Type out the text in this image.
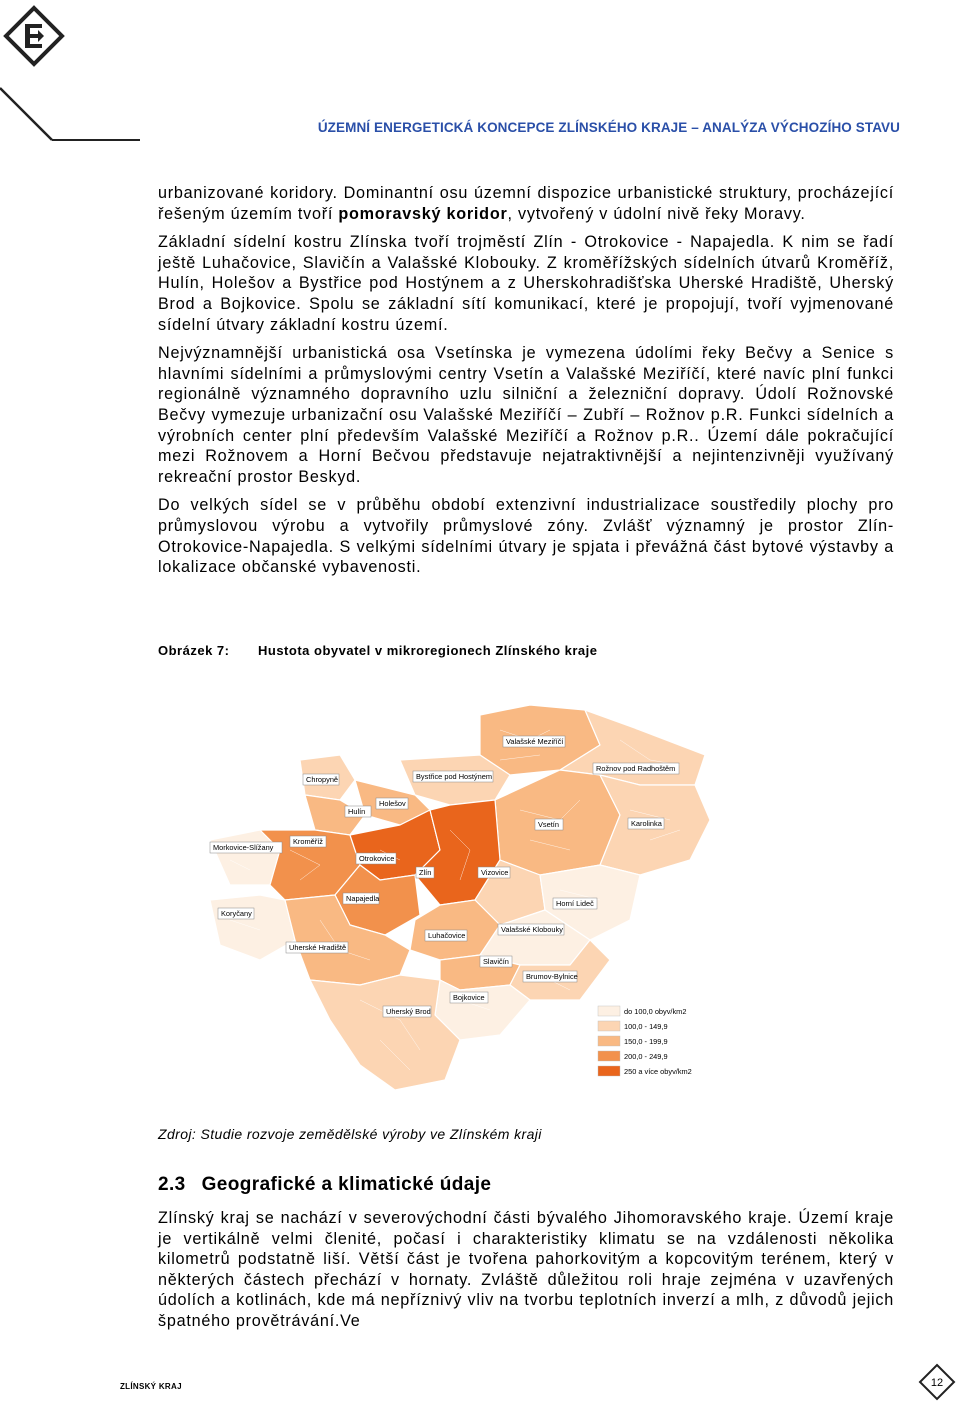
ÚZEMNÍ ENERGETICKÁ KONCEPCE ZLÍNSKÉHO KRAJE – ANALÝZA VÝCHOZÍHO STAVU

urbanizované koridory. Dominantní osu územní dispozice urbanistické struktury, procházející řešeným územím tvoří pomoravský koridor, vytvořený v údolní nivě řeky Moravy.

Základní sídelní kostru Zlínska tvoří trojměstí Zlín - Otrokovice - Napajedla. K nim se řadí ještě Luhačovice, Slavičín a Valašské Klobouky. Z kroměřížských sídelních útvarů Kroměříž, Hulín, Holešov a Bystřice pod Hostýnem a z Uherskohradišťska Uherské Hradiště, Uherský Brod a Bojkovice. Spolu se základní sítí komunikací, které je propojují, tvoří vyjmenované sídelní útvary základní kostru území.

Nejvýznamnější urbanistická osa Vsetínska je vymezena údolími řeky Bečvy a Senice s hlavními sídelními a průmyslovými centry Vsetín a Valašské Meziříčí, které navíc plní funkci regionálně významného dopravního uzlu silniční a železniční dopravy. Údolí Rožnovské Bečvy vymezuje urbanizační osu Valašské Meziříčí – Zubří – Rožnov p.R. Funkci sídelních a výrobních center plní především Valašské Meziříčí a Rožnov p.R.. Území dále pokračující mezi Rožnovem a Horní Bečvou představuje nejatraktivnější a nejintenzivněji využívaný rekreační prostor Beskyd.

Do velkých sídel se v průběhu období extenzivní industrializace soustředily plochy pro průmyslovou výrobu a vytvořily průmyslové zóny. Zvlášť významný je prostor Zlín-Otrokovice-Napajedla. S velkými sídelními útvary je spjata i převážná část bytové výstavby a lokalizace občanské vybavenosti.

Obrázek 7: Hustota obyvatel v mikroregionech Zlínského kraje
Valašské Meziříčí
Rožnov pod Radhoštěm
Chropyně	Bystřice pod Hostýnem
Holešov
Hulín
Vsetín	Karolinka
Morkovice-Slížany
Kroměříž
Otrokovice
Zlín	Vizovice
Napajedla
Horní Lideč
Koryčany
Luhačovice
Valašské Klobouky
Uherské Hradiště
Slavičín
Brumov-Bylnice
Bojkovice
Uherský Brod	do 100,0 obyv/km2
100,0 - 149,9
150,0 - 199,9
200,0 - 249,9
250 a více obyv/km2
Zdroj: Studie rozvoje zemědělské výroby ve Zlínském kraji
2.3 Geografické a klimatické údaje

Zlínský kraj se nachází v severovýchodní části bývalého Jihomoravského kraje. Území kraje je vertikálně velmi členité, počasí i charakteristiky klimatu se na vzdálenosti několika kilometrů podstatně liší. Větší část je tvořena pahorkovitým a kopcovitým terénem, který v některých částech přechází v hornaty. Zvláště důležitou roli hraje zejména v uzavřených údolích a kotlinách, kde má nepříznivý vliv na tvorbu teplotních inverzí a mlh, z důvodů jejich špatného provětrávání.Ve

ZLÍNSKÝ KRAJ	12
